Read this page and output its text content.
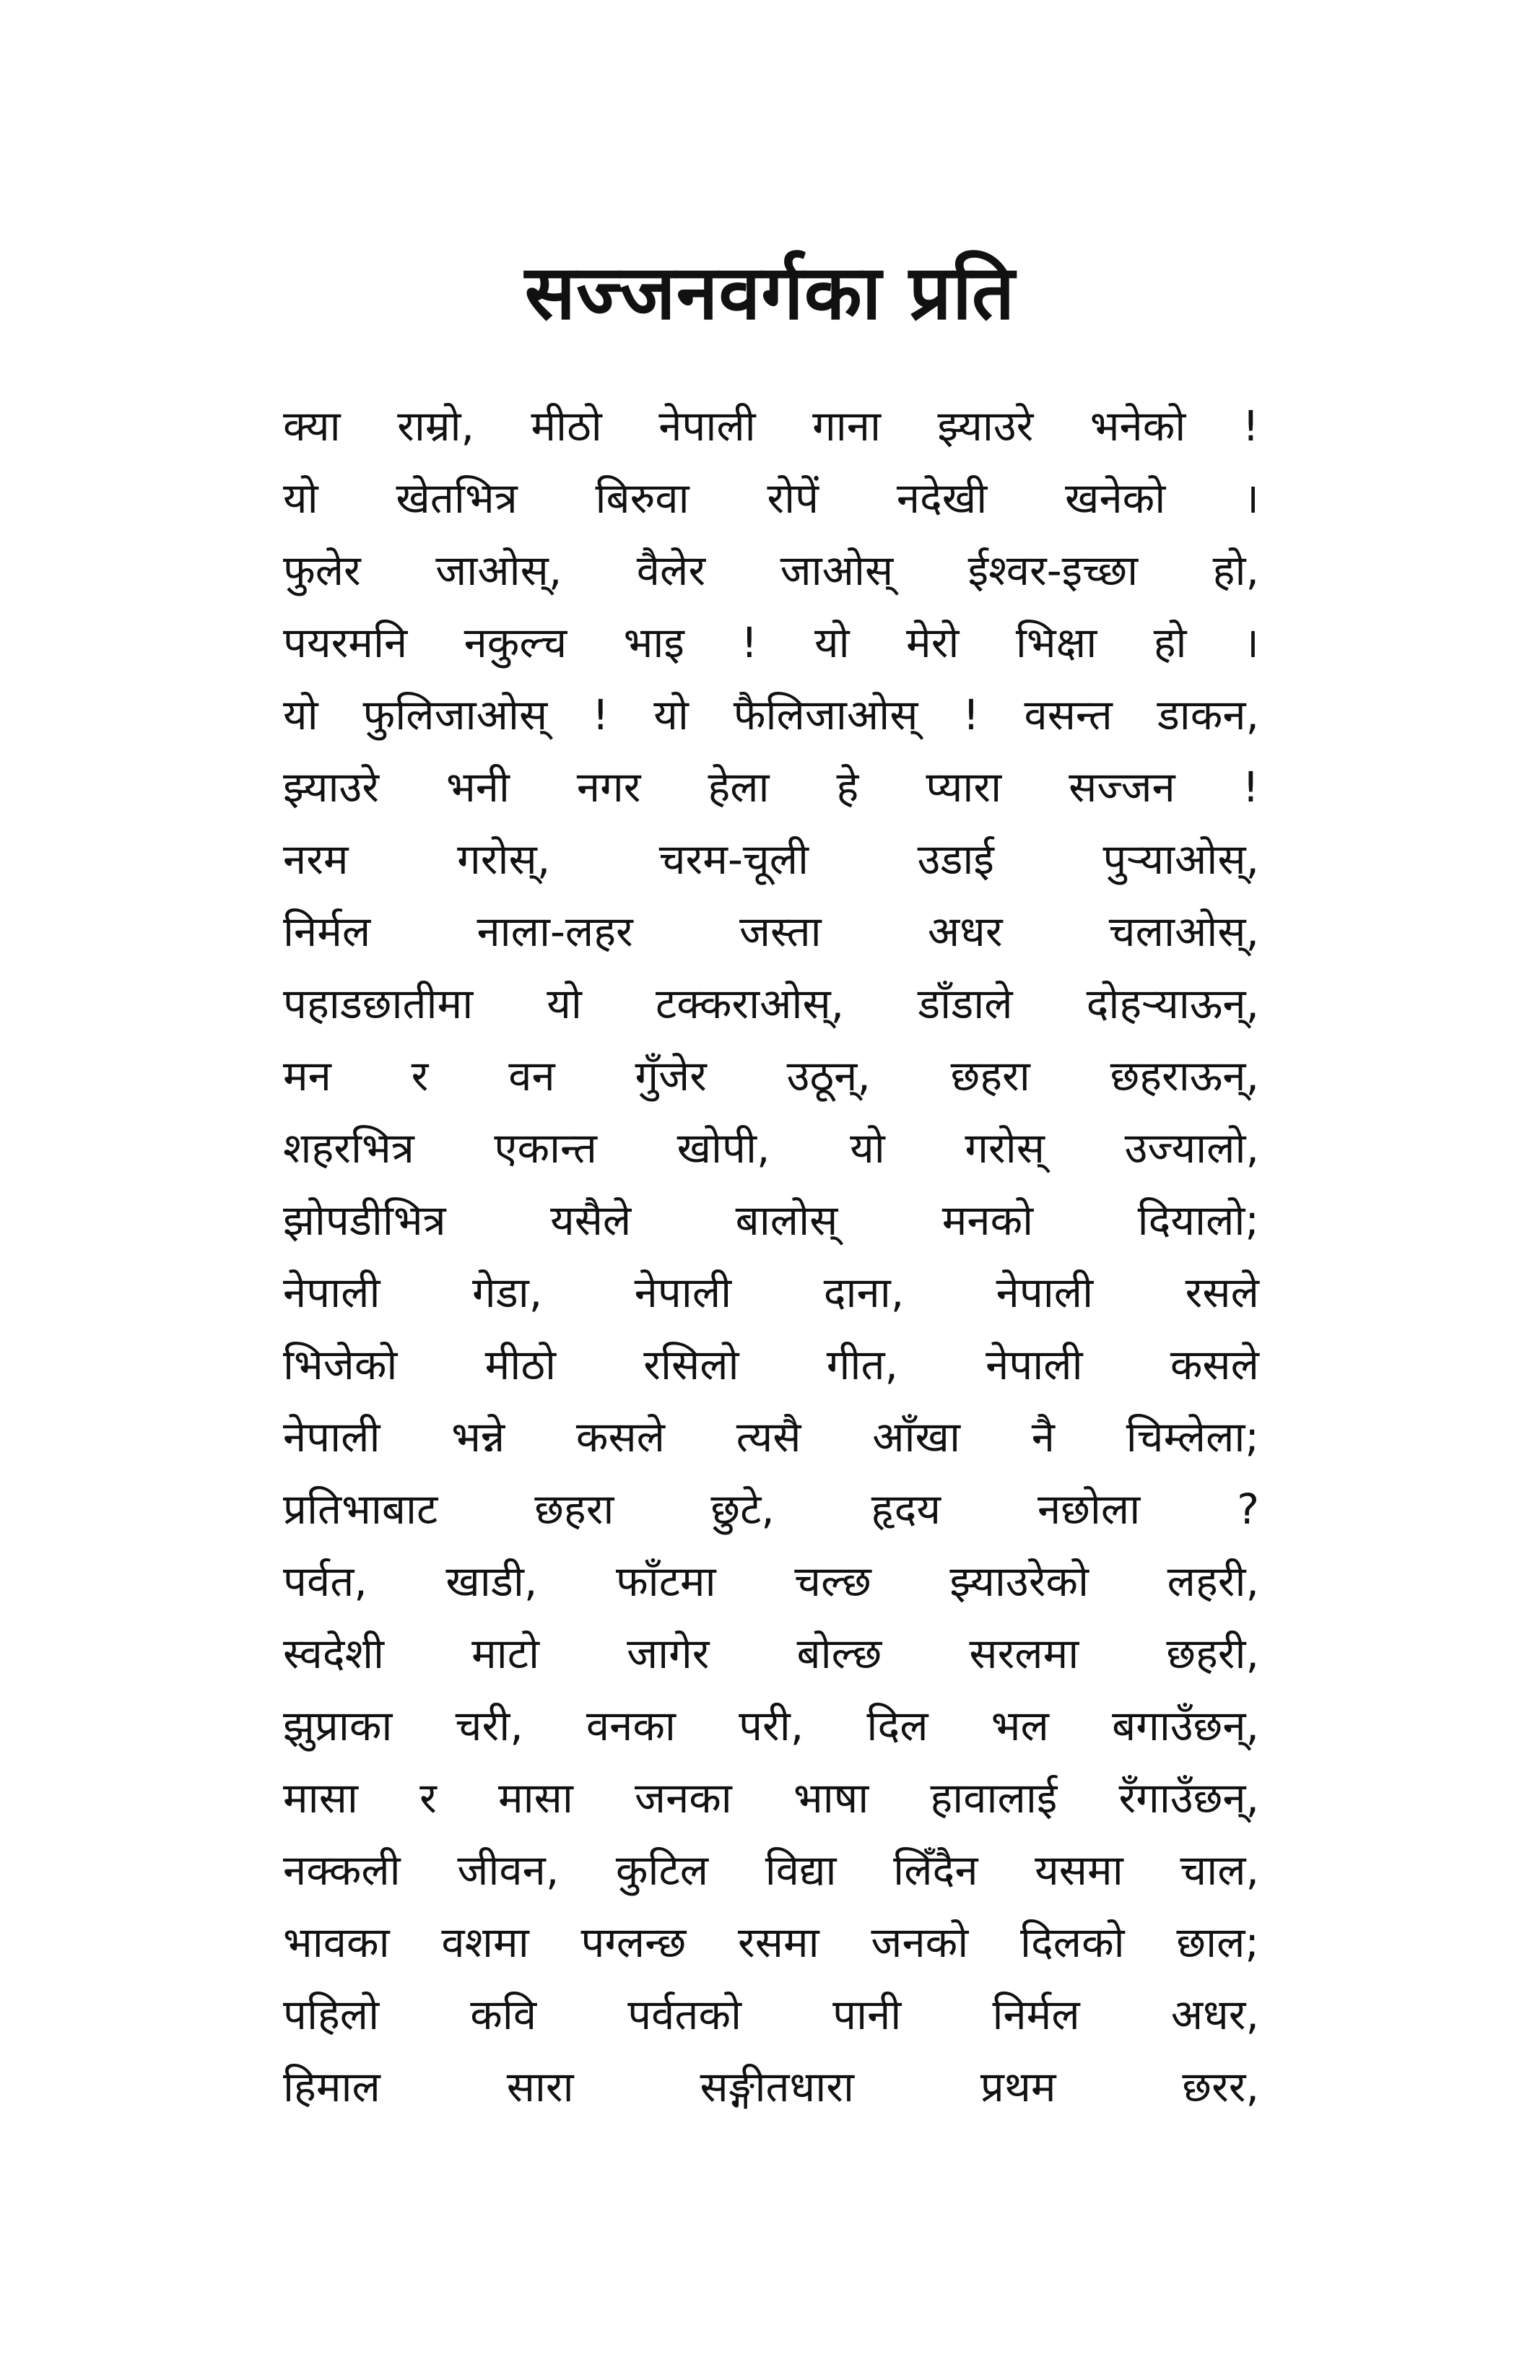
सज्जनवर्गका प्रति
क्या राम्रो, मीठो नेपाली गाना झ्याउरे भनेको !
यो खेतभित्र बिरुवा रोपें नदेखी खनेको ।
फुलेर जाओस्, वैलेर जाओस् ईश्वर-इच्छा हो,
पयरमनि नकुल्च भाइ ! यो मेरो भिक्षा हो ।
यो फुलिजाओस् ! यो फैलिजाओस् ! वसन्त डाकन,
झ्याउरे भनी नगर हेला हे प्यारा सज्जन !
नरम	गरोस्,	चरम-चूली	उडाई	पुऱ्याओस्,
निर्मल	नाला-लहर	जस्ता	अधर	चलाओस्,
पहाडछातीमा यो टक्कराओस्, डाँडाले दोहऱ्याऊन्,
मन र वन गुँजेर उठून्, छहरा छहराऊन्,
शहरभित्र एकान्त खोपी, यो गरोस् उज्यालो,
झोपडीभित्र यसैले बालोस् मनको दियालो;
नेपाली गेडा, नेपाली दाना, नेपाली रसले
भिजेको मीठो रसिलो गीत, नेपाली कसले
नेपाली भन्ने कसले त्यसै आँखा नै चिम्लेला;
प्रतिभाबाट छहरा छुटे, हृदय नछोला ?
पर्वत, खाडी, फाँटमा चल्छ झ्याउरेको लहरी,
स्वदेशी माटो जागेर बोल्छ सरलमा छहरी,
झुप्राका चरी, वनका परी, दिल भल बगाउँछन्,
मासा र मासा जनका भाषा हावालाई रँगाउँछन्,
नक्कली जीवन, कुटिल विद्या लिँदैन यसमा चाल,
भावका वशमा पग्लन्छ रसमा जनको दिलको छाल;
पहिलो कवि पर्वतको पानी निर्मल अधर,
हिमाल	सारा	सङ्गीतधारा	प्रथम	छरर,
